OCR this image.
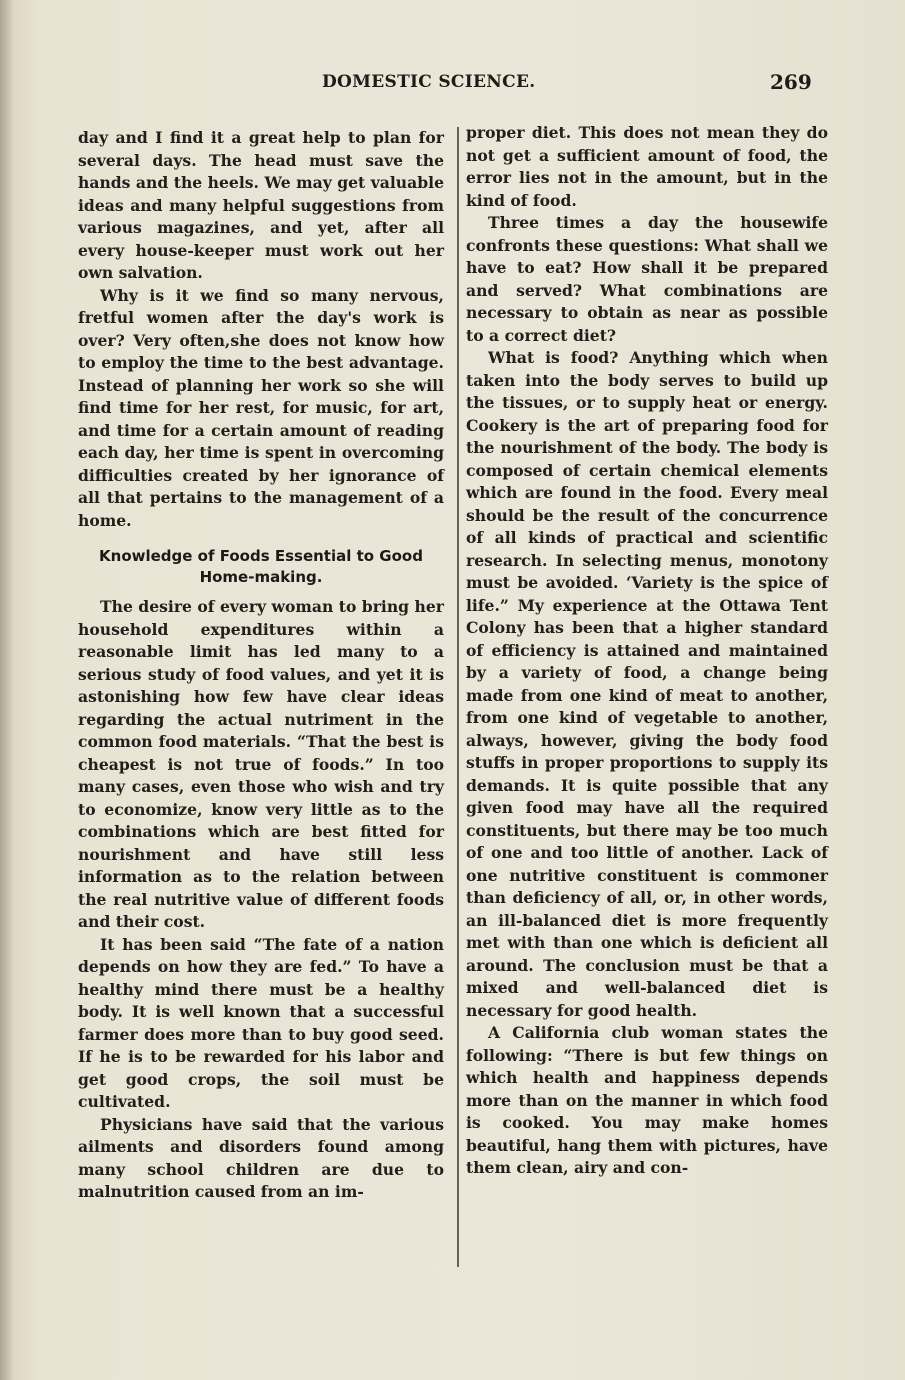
DOMESTIC SCIENCE.	269

day and I find it a great help to plan for several days. The head must save the hands and the heels. We may get valuable ideas and many helpful suggestions from various magazines, and yet, after all every house-keeper must work out her own salvation.

Why is it we find so many nervous, fretful women after the day's work is over? Very often,she does not know how to employ the time to the best advantage. Instead of planning her work so she will find time for her rest, for music, for art, and time for a certain amount of reading each day, her time is spent in overcoming difficulties created by her ignorance of all that pertains to the management of a home.

Knowledge of Foods Essential to Good Home-making.

The desire of every woman to bring her household expenditures within a reasonable limit has led many to a serious study of food values, and yet it is astonishing how few have clear ideas regarding the actual nutriment in the common food materials. “That the best is cheapest is not true of foods.” In too many cases, even those who wish and try to economize, know very little as to the combinations which are best fitted for nourishment and have still less information as to the relation between the real nutritive value of different foods and their cost.

It has been said “The fate of a nation depends on how they are fed.” To have a healthy mind there must be a healthy body. It is well known that a successful farmer does more than to buy good seed. If he is to be rewarded for his labor and get good crops, the soil must be cultivated.

Physicians have said that the various ailments and disorders found among many school children are due to malnutrition caused from an im-

proper diet. This does not mean they do not get a sufficient amount of food, the error lies not in the amount, but in the kind of food.

Three times a day the housewife confronts these questions: What shall we have to eat? How shall it be prepared and served? What combinations are necessary to obtain as near as possible to a correct diet?

What is food? Anything which when taken into the body serves to build up the tissues, or to supply heat or energy. Cookery is the art of preparing food for the nourishment of the body. The body is composed of certain chemical elements which are found in the food. Every meal should be the result of the concurrence of all kinds of practical and scientific research. In selecting menus, monotony must be avoided. ‘Variety is the spice of life.” My experience at the Ottawa Tent Colony has been that a higher standard of efficiency is attained and maintained by a variety of food, a change being made from one kind of meat to another, from one kind of vegetable to another, always, however, giving the body food stuffs in proper proportions to supply its demands. It is quite possible that any given food may have all the required constituents, but there may be too much of one and too little of another. Lack of one nutritive constituent is commoner than deficiency of all, or, in other words, an ill-balanced diet is more frequently met with than one which is deficient all around. The conclusion must be that a mixed and well-balanced diet is necessary for good health.

A California club woman states the following: “There is but few things on which health and happiness depends more than on the manner in which food is cooked. You may make homes beautiful, hang them with pictures, have them clean, airy and con-
